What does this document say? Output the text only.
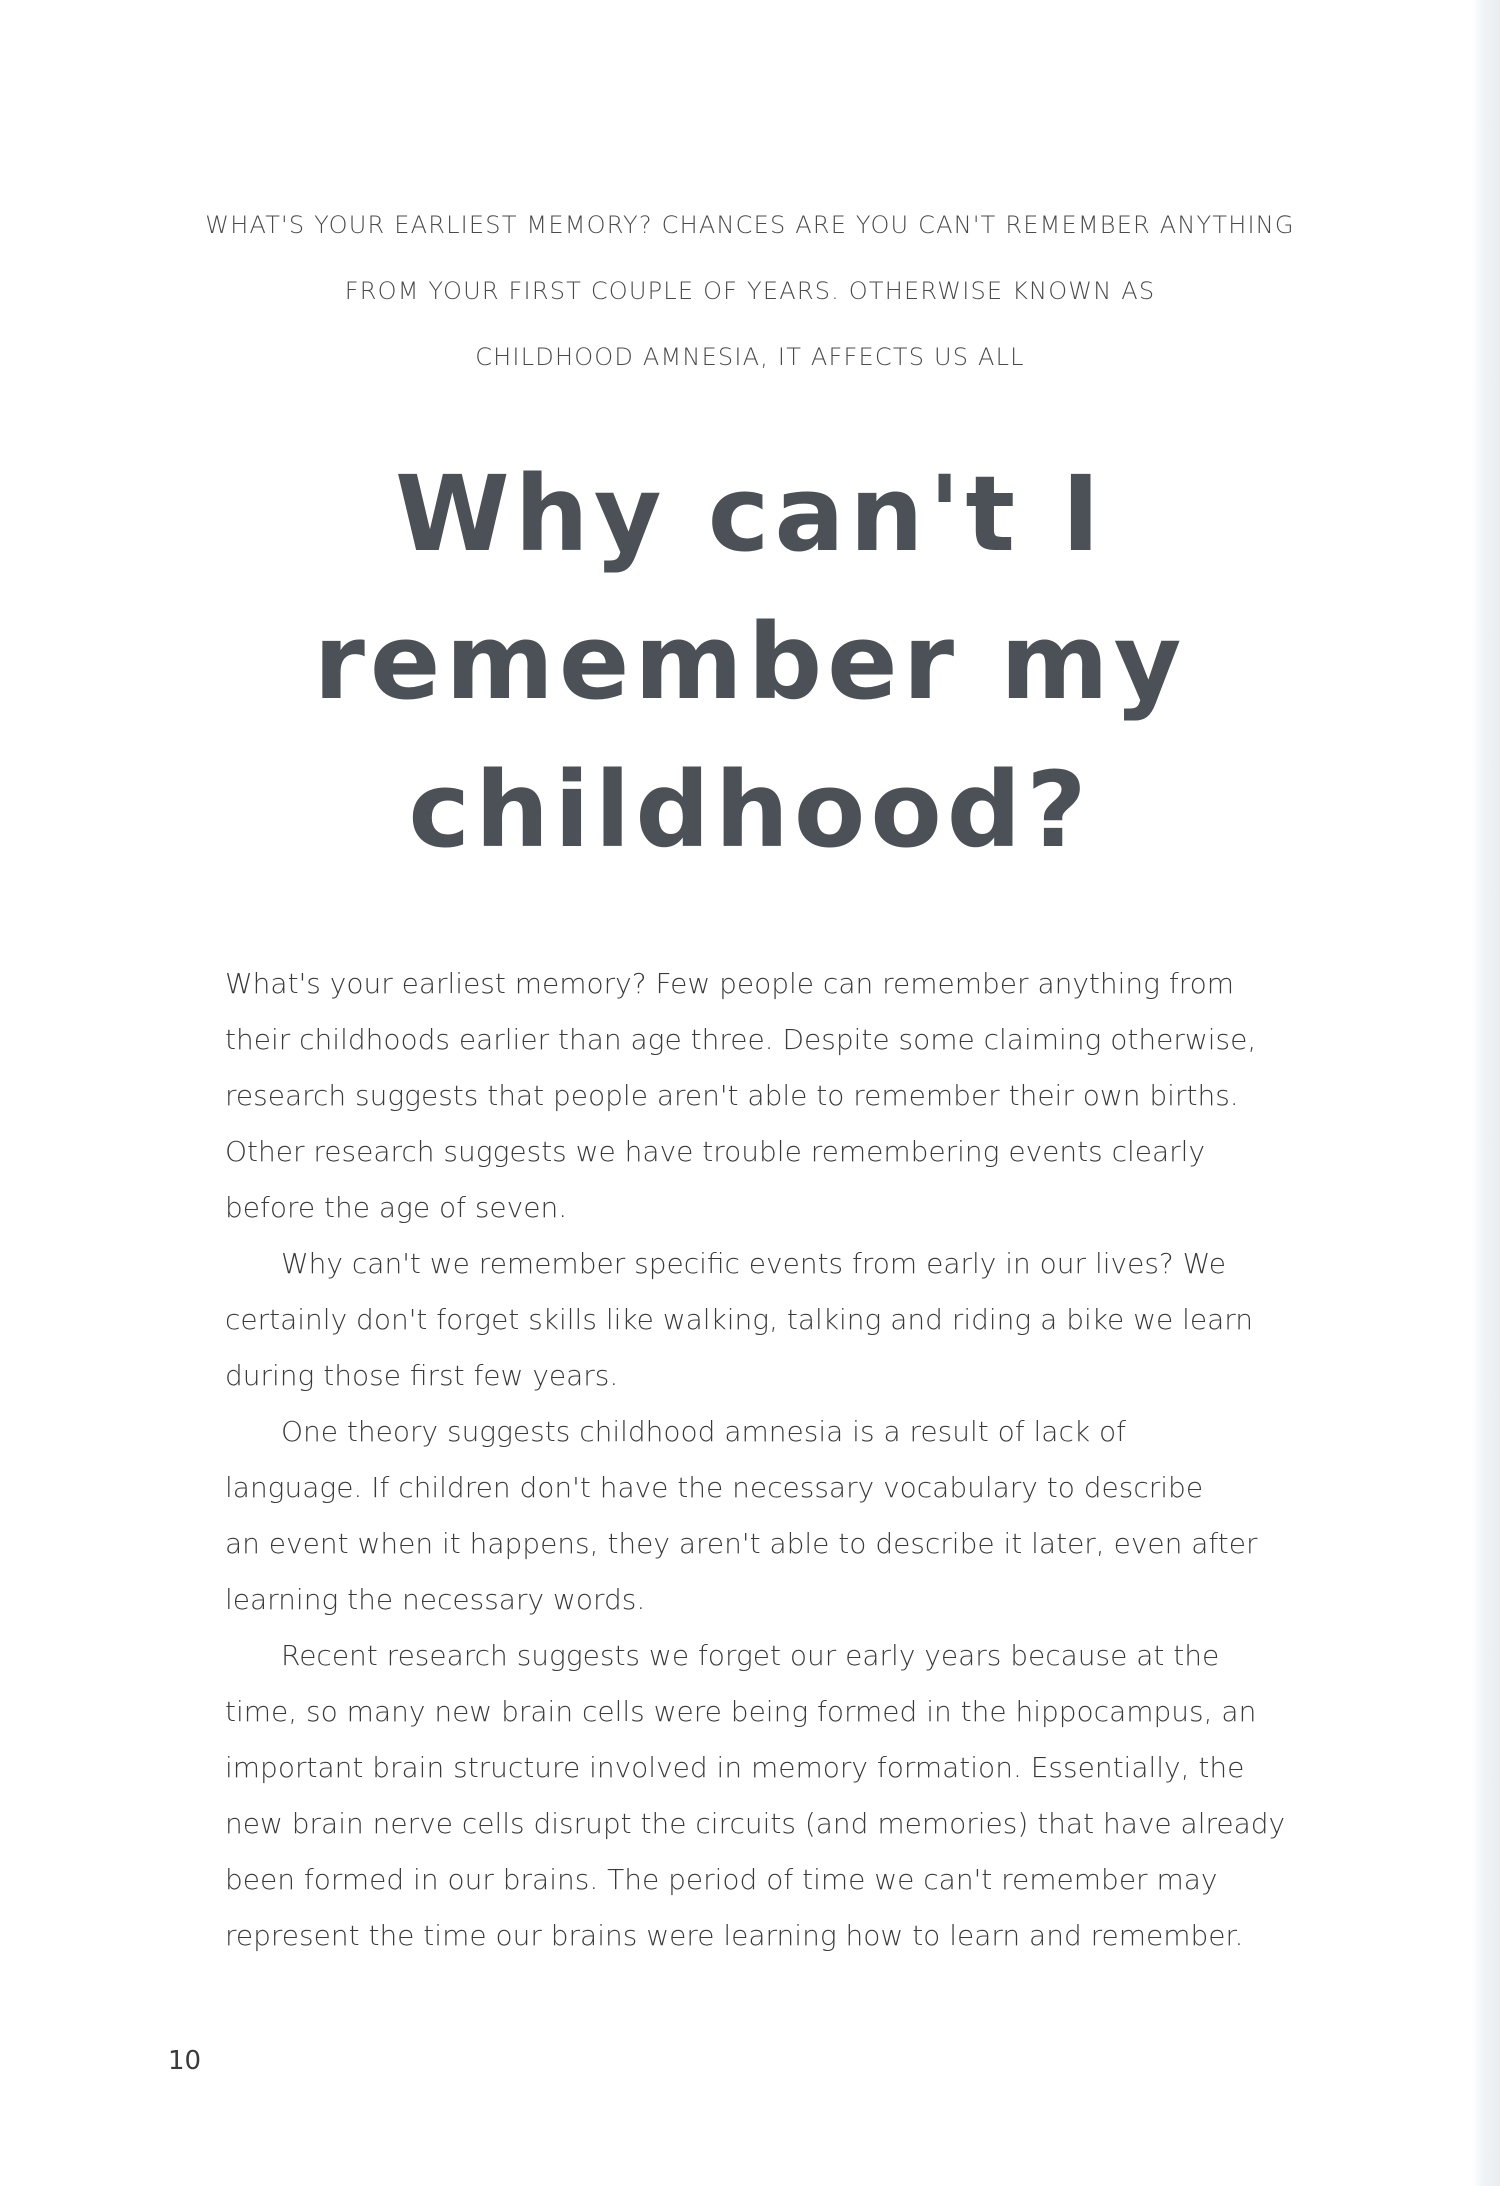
WHAT'S YOUR EARLIEST MEMORY? CHANCES ARE YOU CAN'T REMEMBER ANYTHING
FROM YOUR FIRST COUPLE OF YEARS. OTHERWISE KNOWN AS
CHILDHOOD AMNESIA, IT AFFECTS US ALL
Why can't I
remember my
childhood?

What's your earliest memory? Few people can remember anything from
their childhoods earlier than age three. Despite some claiming otherwise,
research suggests that people aren't able to remember their own births.
Other research suggests we have trouble remembering events clearly
before the age of seven.

Why can't we remember specific events from early in our lives? We
certainly don't forget skills like walking, talking and riding a bike we learn
during those first few years.

One theory suggests childhood amnesia is a result of lack of
language. If children don't have the necessary vocabulary to describe
an event when it happens, they aren't able to describe it later, even after
learning the necessary words.

Recent research suggests we forget our early years because at the
time, so many new brain cells were being formed in the hippocampus, an
important brain structure involved in memory formation. Essentially, the
new brain nerve cells disrupt the circuits (and memories) that have already
been formed in our brains. The period of time we can't remember may
represent the time our brains were learning how to learn and remember.

10
